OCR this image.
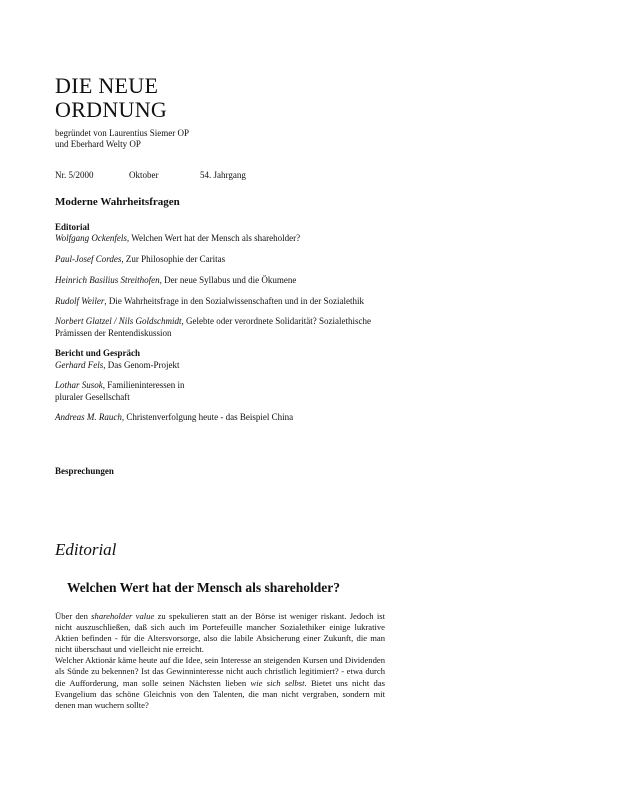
DIE NEUE
ORDNUNG
begründet von Laurentius Siemer OP
und Eberhard Welty OP
Nr. 5/2000	Oktober	54. Jahrgang
Moderne Wahrheitsfragen
Editorial
Wolfgang Ockenfels, Welchen Wert hat der Mensch als shareholder?
Paul-Josef Cordes, Zur Philosophie der Caritas
Heinrich Basilius Streithofen, Der neue Syllabus und die Ökumene
Rudolf Weiler, Die Wahrheitsfrage in den Sozialwissenschaften und in der Sozialethik
Norbert Glatzel / Nils Goldschmidt, Gelebte oder verordnete Solidarität? Sozialethische Prämissen der Rentendiskussion
Bericht und Gespräch
Gerhard Fels, Das Genom-Projekt
Lothar Susok, Familieninteressen in pluraler Gesellschaft
Andreas M. Rauch, Christenverfolgung heute - das Beispiel China
Besprechungen
Editorial
Welchen Wert hat der Mensch als shareholder?

Über den shareholder value zu spekulieren statt an der Börse ist weniger riskant. Jedoch ist nicht auszuschließen, daß sich auch im Portefeuille mancher Sozialethiker einige lukrative Aktien befinden - für die Altersvorsorge, also die labile Absicherung einer Zukunft, die man nicht überschaut und vielleicht nie erreicht.

Welcher Aktionär käme heute auf die Idee, sein Interesse an steigenden Kursen und Dividenden als Sünde zu bekennen? Ist das Gewinninteresse nicht auch christlich legitimiert? - etwa durch die Aufforderung, man solle seinen Nächsten lieben wie sich selbst. Bietet uns nicht das Evangelium das schöne Gleichnis von den Talenten, die man nicht vergraben, sondern mit denen man wuchern sollte?
